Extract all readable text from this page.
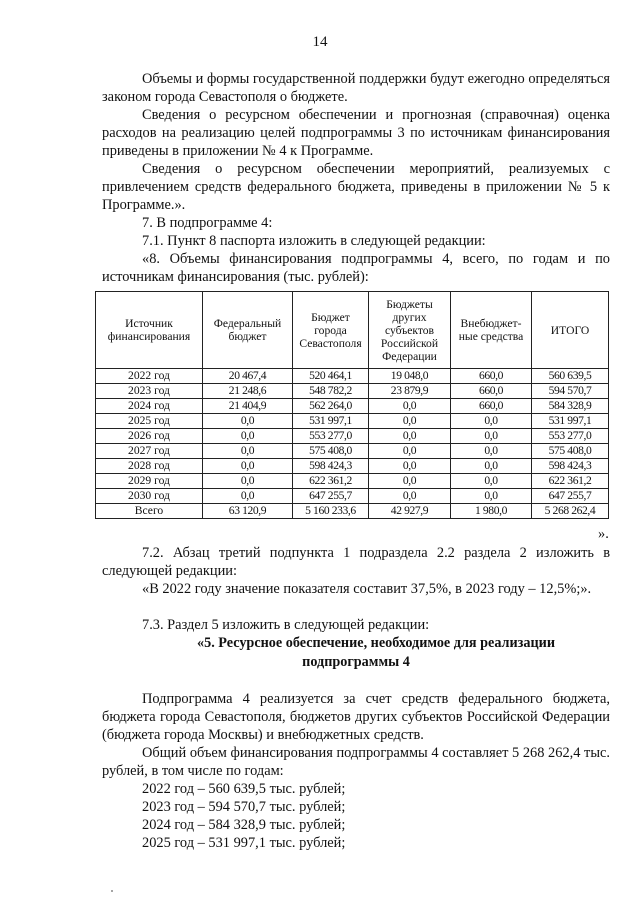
14

Объемы и формы государственной поддержки будут ежегодно определяться законом города Севастополя о бюджете.

Сведения о ресурсном обеспечении и прогнозная (справочная) оценка расходов на реализацию целей подпрограммы 3 по источникам финансирования приведены в приложении № 4 к Программе.

Сведения о ресурсном обеспечении мероприятий, реализуемых с привлечением средств федерального бюджета, приведены в приложении № 5 к Программе.».

7. В подпрограмме 4:

7.1. Пункт 8 паспорта изложить в следующей редакции:

«8. Объемы финансирования подпрограммы 4, всего, по годам и по источникам финансирования (тыс. рублей):

Источник финансирования	Федеральный бюджет	Бюджет города Севастополя	Бюджеты других субъектов Российской Федерации	Внебюджет-ные средства	ИТОГО
2022 год	20 467,4	520 464,1	19 048,0	660,0	560 639,5
2023 год	21 248,6	548 782,2	23 879,9	660,0	594 570,7
2024 год	21 404,9	562 264,0	0,0	660,0	584 328,9
2025 год	0,0	531 997,1	0,0	0,0	531 997,1
2026 год	0,0	553 277,0	0,0	0,0	553 277,0
2027 год	0,0	575 408,0	0,0	0,0	575 408,0
2028 год	0,0	598 424,3	0,0	0,0	598 424,3
2029 год	0,0	622 361,2	0,0	0,0	622 361,2
2030 год	0,0	647 255,7	0,0	0,0	647 255,7
Всего	63 120,9	5 160 233,6	42 927,9	1 980,0	5 268 262,4
».

7.2. Абзац третий подпункта 1 подраздела 2.2 раздела 2 изложить в следующей редакции:

«В 2022 году значение показателя составит 37,5%, в 2023 году – 12,5%;».

7.3. Раздел 5 изложить в следующей редакции:

«5. Ресурсное обеспечение, необходимое для реализации
подпрограммы 4

Подпрограмма 4 реализуется за счет средств федерального бюджета, бюджета города Севастополя, бюджетов других субъектов Российской Федерации (бюджета города Москвы) и внебюджетных средств.

Общий объем финансирования подпрограммы 4 составляет 5 268 262,4 тыс. рублей, в том числе по годам:

2022 год – 560 639,5 тыс. рублей;
2023 год – 594 570,7 тыс. рублей;
2024 год – 584 328,9 тыс. рублей;
2025 год – 531 997,1 тыс. рублей;
